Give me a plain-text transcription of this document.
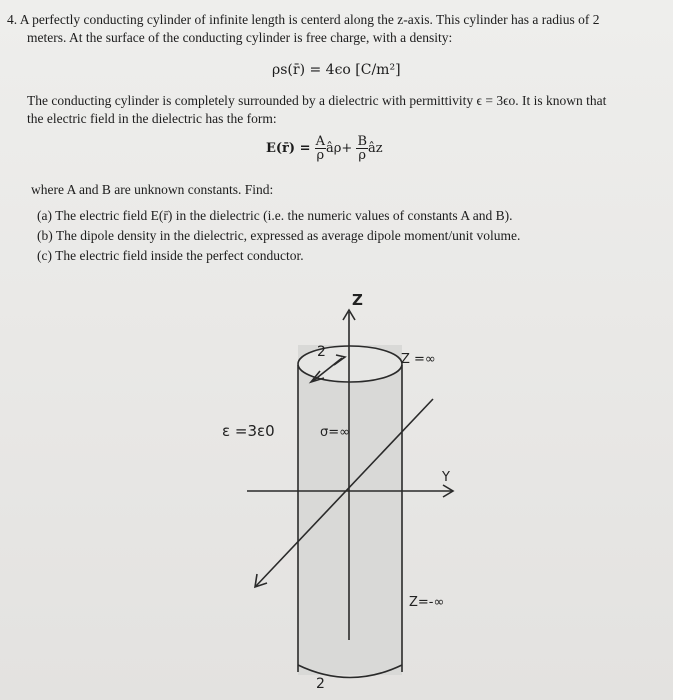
4. A perfectly conducting cylinder of infinite length is centerd along the z-axis. This cylinder has a radius of 2
meters. At the surface of the conducting cylinder is free charge, with a density:
ρs(r̄) = 4ϵo [C/m²]
The conducting cylinder is completely surrounded by a dielectric with permittivity ϵ = 3ϵo. It is known that
the electric field in the dielectric has the form:
E(r̄) = $\frac{A}{\rho}$ âρ+ $\frac{B}{\rho}$ âz
where A and B are unknown constants. Find:
(a) The electric field E(r̄) in the dielectric (i.e. the numeric values of constants A and B).
(b) The dipole density in the dielectric, expressed as average dipole moment/unit volume.
(c) The electric field inside the perfect conductor.
Z
2	Z =∞
ε =3ε0	σ=∞
Y
Z=-∞
2
